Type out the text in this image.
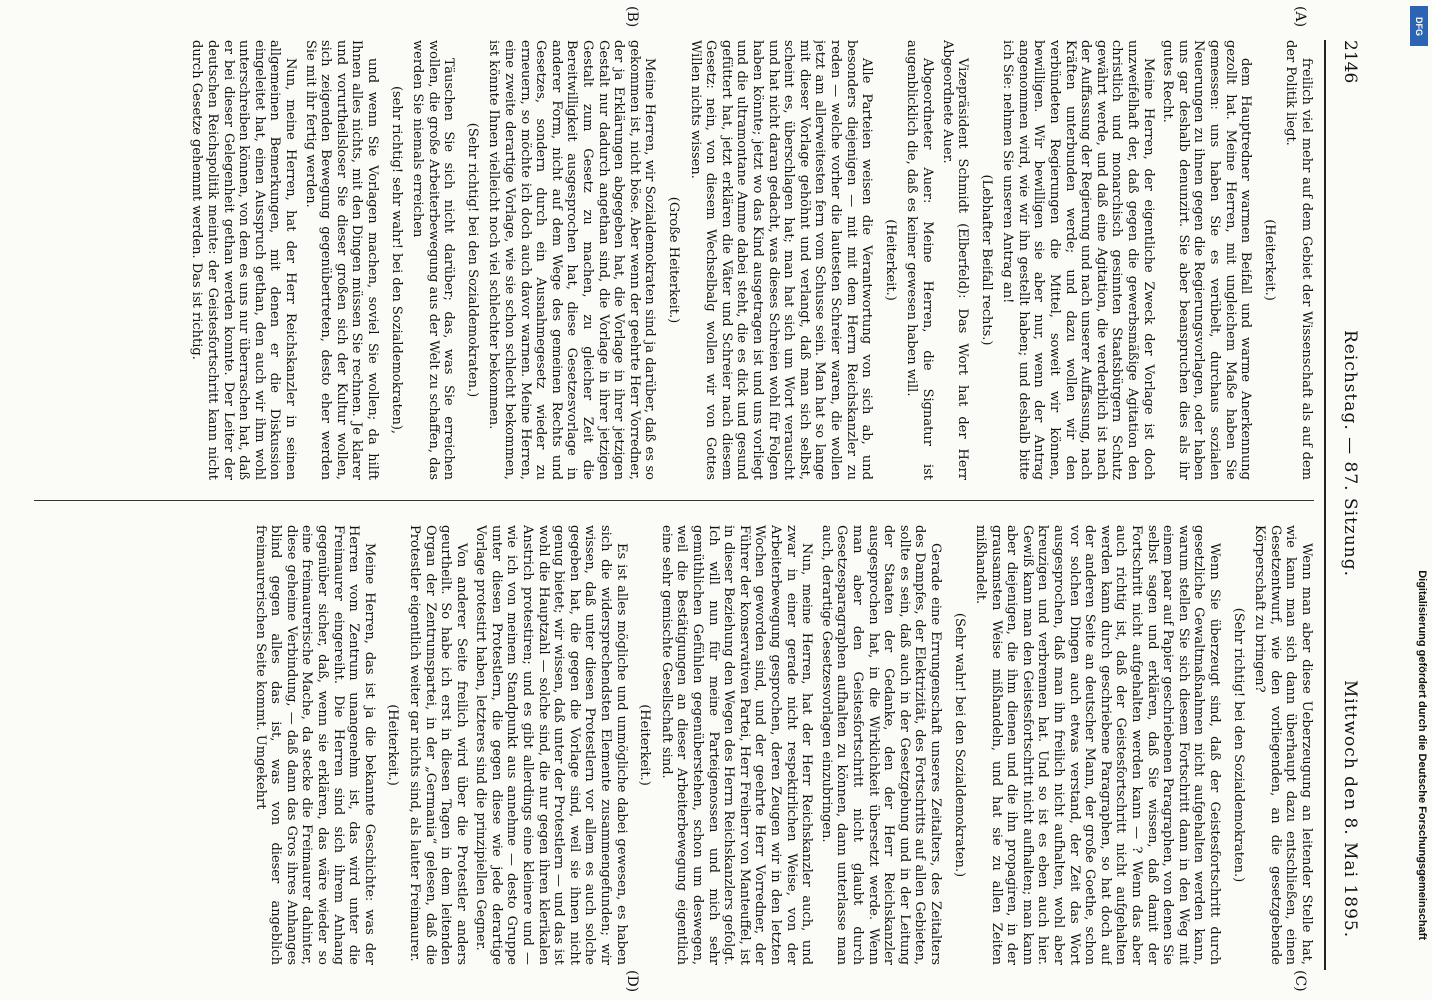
2146
Reichstag. — 87. Sitzung.
Mittwoch den 8. Mai 1895.
(A)
(B)
(C)
(D)

freilich viel mehr auf dem Gebiet der Wissenschaft als auf dem der Politik liegt.

(Heiterkeit.)

dem Hauptredner warmen Beifall und warme Anerkennung gezollt hat. Meine Herren, mit ungleichem Maße haben Sie gemessen: uns haben Sie es verübelt, durchaus sozialen Neuerungen zu ihnen gegen die Regierungsvorlagen, oder haben uns gar deshalb denunzirt. Sie aber beanspruchen dies als ihr gutes Recht.

Meine Herren, der eigentliche Zweck der Vorlage ist doch unzweifelhaft der, daß gegen die gewerbsmäßige Agitation den christlich und monarchisch gesinnten Staatsbürgern Schutz gewährt werde, und daß eine Agitation, die verderblich ist nach der Auffassung der Regierung und nach unserer Auffassung, nach Kräften unterbunden werde; und dazu wollen wir den verbündeten Regierungen die Mittel, soweit wir können, bewilligen. Wir bewilligen sie aber nur, wenn der Antrag angenommen wird, wie wir ihn gestellt haben; und deshalb bitte ich Sie: nehmen Sie unseren Antrag an!

(Lebhafter Beifall rechts.)

Vizepräsident Schmidt (Elberfeld): Das Wort hat der Herr Abgeordnete Auer.

Abgeordneter Auer: Meine Herren, die Signatur ist augenblicklich die, daß es keiner gewesen haben will.

(Heiterkeit.)

Alle Parteien weisen die Verantwortung von sich ab, und besonders diejenigen — mit mit dem Herrn Reichskanzler zu reden — welche vorher die lautesten Schreier waren, die wollen jetzt am allerweitesten fern vom Schusse sein. Man hat so lange mit dieser Vorlage gehöhnt und verlangt, daß man sich selbst, scheint es, überschlagen hat; man hat sich um Wort verauscht und hat nicht daran gedacht, was dieses Schreien wohl für Folgen haben könnte; jetzt wo das Kind ausgetragen ist und uns vorliegt und die ultramontane Amme dabei steht, die es dick und gesund gefüttert hat, jetzt erklären die Väter und Schreier nach diesem Gesetz: nein, von diesem Wechselbalg wollen wir von Gottes Willen nichts wissen.

(Große Heiterkeit.)

Meine Herren, wir Sozialdemokraten sind ja darüber, daß es so gekommen ist, nicht böse. Aber wenn der geehrte Herr Vorredner, der ja Erklärungen abgegeben hat, die Vorlage in ihrer jetzigen Gestalt nur dadurch angethan sind, die Vorlage in ihrer jetzigen Gestalt zum Gesetz zu machen, zu gleicher Zeit die Bereitwilligkeit ausgesprochen hat, diese Gesetzesvorlage in anderer Form, nicht auf dem Wege des gemeinen Rechts und Gesetzes, sondern durch ein Ausnahmegesetz wieder zu erneuern, so möchte ich doch auch davor warnen. Meine Herren, eine zweite derartige Vorlage, wie sie schon schlecht bekommen, ist könnte Ihnen vielleicht noch viel schlechter bekommen.

(Sehr richtig! bei den Sozialdemokraten.)

Täuschen Sie sich nicht darüber; das, was Sie erreichen wollen, die große Arbeiterbewegung aus der Welt zu schaffen, das werden Sie niemals erreichen

(sehr richtig! sehr wahr! bei den Sozialdemokraten),

und wenn Sie Vorlagen machen, soviel Sie wollen; da hilft Ihnen alles nichts, mit den Dingen müssen Sie rechnen. Je klarer und vorurtheilsloser Sie dieser großen sich der Kultur wollen, sich zeigenden Bewegung gegenübertreten, desto eher werden Sie mit ihr fertig werden.

Nun, meine Herren, hat der Herr Reichskanzler in seinen allgemeinen Bemerkungen, mit denen er die Diskussion eingeleitet hat, einen Ausspruch gethan, den auch wir ihm wohl unterschreiben können, von dem es uns nur überraschen hat, daß er bei dieser Gelegenheit gethan werden konnte. Der Leiter der deutschen Reichspolitik meinte: der Geistesfortschritt kann nicht durch Gesetze gehemmt werden. Das ist richtig.

Wenn man aber diese Ueberzeugung an leitender Stelle hat, wie kann man sich dann überhaupt dazu entschließen, einen Gesetzentwurf, wie den vorliegenden, an die gesetzgebende Körperschaft zu bringen?

(Sehr richtig! bei den Sozialdemokraten.)

Wenn Sie überzeugt sind, daß der Geistesfortschritt durch gesetzliche Gewaltmaßnahmen nicht aufgehalten werden kann, warum stellen Sie sich diesem Fortschritt dann in den Weg mit einem paar auf Papier geschriebenen Paragraphen, von denen Sie selbst sagen und erklären, daß Sie wissen, daß damit der Fortschritt nicht aufgehalten werden kann — ? Wenn das aber auch richtig ist, daß der Geistesfortschritt nicht aufgehalten werden kann durch geschriebene Paragraphen, so hat doch auf der anderen Seite an deutscher Mann, der große Goethe, schon vor solchen Dingen auch etwas verstand, der Zeit das Wort ausgesprochen, daß man ihn freilich nicht aufhalten, wohl aber kreuzigen und verbrennen hat. Und so ist es eben auch hier. Gewiß kann man den Geistesfortschritt nicht aufhalten; man kann aber diejenigen, die ihm dienen und die ihn propagiren, in der grausamsten Weise mißhandeln, und hat sie zu allen Zeiten mißhandelt.

(Sehr wahr! bei den Sozialdemokraten.)

Gerade eine Errungenschaft unseres Zeitalters, des Zeitalters des Dampfes, der Elektrizität, des Fortschritts auf allen Gebieten, sollte es sein, daß auch in der Gesetzgebung und in der Leitung der Staaten der Gedanke, den der Herr Reichskanzler ausgesprochen hat, in die Wirklichkeit übersetzt werde. Wenn man aber den Geistesfortschritt nicht glaubt durch Gesetzesparagraphen aufhalten zu können, dann unterlasse man auch, derartige Gesetzesvorlagen einzubringen.

Nun, meine Herren, hat der Herr Reichskanzler auch, und zwar in einer gerade nicht respektirlichen Weise, von der Arbeiterbewegung gesprochen, deren Zeugen wir in den letzten Wochen geworden sind, und der geehrte Herr Vorredner, der Führer der konservativen Partei, Herr Freiherr von Manteuffel, ist in dieser Beziehung den Wegen des Herrn Reichskanzlers gefolgt. Ich will nun für meine Parteigenossen und mich sehr gemüthlichen Gefühlen gegenüberstehen, schon um deswegen, weil die Bestätigungen an dieser Arbeiterbewegung eigentlich eine sehr gemischte Gesellschaft sind.

(Heiterkeit.)

Es ist alles mögliche und unmögliche dabei gewesen, es haben sich die widersprechendsten Elemente zusammengefunden; wir wissen, daß unter diesen Protestlern vor allem es auch solche gegeben hat, die gegen die Vorlage sind, weil sie ihnen nicht genug bietet; wir wissen, daß unter der Protestlern — und das ist wohl die Hauptzahl — solche sind, die nur gegen ihren klerikalen Anstrich protestiren; und es gibt allerdings eine kleinere und — wie ich von meinem Standpunkt aus annehme — desto Gruppe unter diesen Protestlern, die gegen diese wie jede derartige Vorlage protestirt haben, letzteres sind die prinzipiellen Gegner.

Von anderer Seite freilich wird über die Protestler anders geurtheilt. So habe ich erst in diesen Tagen in dem leitenden Organ der Zentrumspartei, in der „Germania“ gelesen, daß die Protestler eigentlich weiter gar nichts sind, als lauter Freimaurer.

(Heiterkeit.)

Meine Herren, das ist ja die bekannte Geschichte: was der Herren vom Zentrum unangenehm ist, das wird unter die Freimaurer eingereiht. Die Herren sind sich ihrem Anhang gegenüber sicher, daß, wenn sie erklären, das wäre wieder so eine freimaurerische Mache, da stecke die Freimaurer dahinter, diese geheime Verbindung, — daß dann das Gros ihres Anhanges blind gegen alles das ist, was von dieser angeblich freimaurerischen Seite kommt. Umgekehrt

DFG
Digitalisierung gefördert durch die Deutsche Forschungsgemeinschaft
